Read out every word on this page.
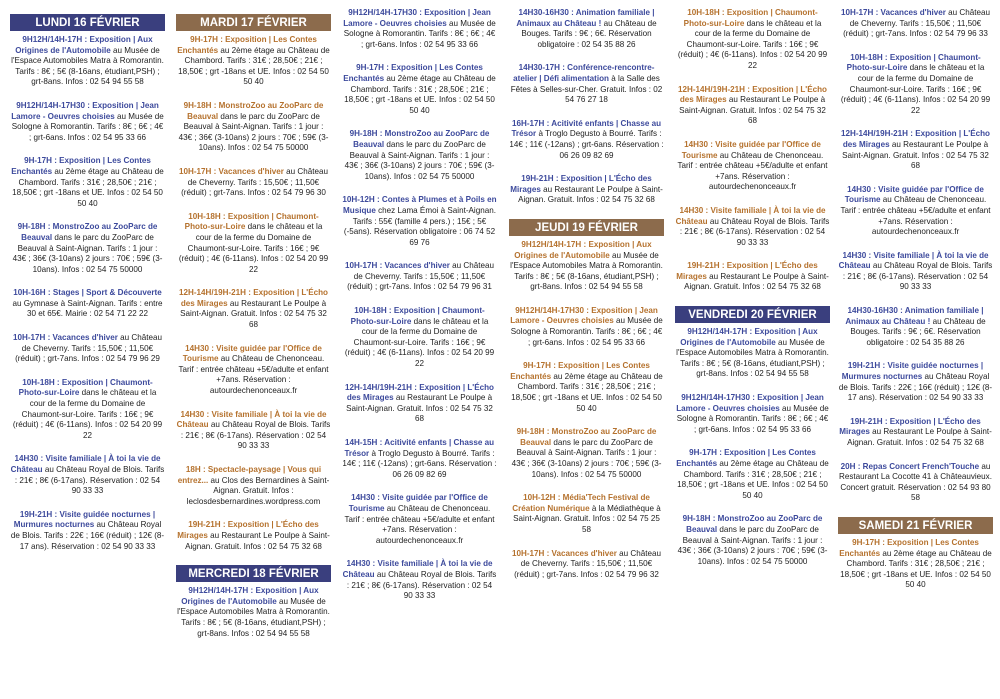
LUNDI 16 FÉVRIER
9H12H/14H-17H : Exposition | Aux Origines de l'Automobile au Musée de l'Espace Automobiles Matra à Romorantin. Tarifs : 8€ ; 5€ (8-16ans, étudiant,PSH) ; grt-8ans. Infos : 02 54 94 55 58
9H12H/14H-17H30 : Exposition | Jean Lamore - Oeuvres choisies au Musée de Sologne à Romorantin. Tarifs : 8€ ; 6€ ; 4€ ; grt-6ans. Infos : 02 54 95 33 66
9H-17H : Exposition | Les Contes Enchantés au 2ème étage au Château de Chambord. Tarifs : 31€ ; 28,50€ ; 21€ ; 18,50€ ; grt -18ans et UE. Infos : 02 54 50 50 40
9H-18H : MonstroZoo au ZooParc de Beauval dans le parc du ZooParc de Beauval à Saint-Aignan. Tarifs : 1 jour : 43€ ; 36€ (3-10ans) 2 jours : 70€ ; 59€ (3-10ans). Infos : 02 54 75 50000
10H-16H : Stages | Sport & Découverte au Gymnase à Saint-Aignan. Tarifs : entre 30 et 65€. Mairie : 02 54 71 22 22
10H-17H : Vacances d'hiver au Château de Cheverny. Tarifs : 15,50€ ; 11,50€ (réduit) ; grt-7ans. Infos : 02 54 79 96 29
10H-18H : Exposition | Chaumont-Photo-sur-Loire dans le château et la cour de la ferme du Domaine de Chaumont-sur-Loire. Tarifs : 16€ ; 9€ (réduit) ; 4€ (6-11ans). Infos : 02 54 20 99 22
14H30 : Visite familiale | À toi la vie de Château au Château Royal de Blois. Tarifs : 21€ ; 8€ (6-17ans). Réservation : 02 54 90 33 33
19H-21H : Visite guidée nocturnes | Murmures nocturnes au Château Royal de Blois. Tarifs : 22€ ; 16€ (réduit) ; 12€ (8-17 ans). Réservation : 02 54 90 33 33
MARDI 17 FÉVRIER
9H-17H : Exposition | Les Contes Enchantés au 2ème étage au Château de Chambord. Tarifs : 31€ ; 28,50€ ; 21€ ; 18,50€ ; grt -18ans et UE. Infos : 02 54 50 50 40
9H-18H : MonstroZoo au ZooParc de Beauval dans le parc du ZooParc de Beauval à Saint-Aignan. Tarifs : 1 jour : 43€ ; 36€ (3-10ans) 2 jours : 70€ ; 59€ (3-10ans). Infos : 02 54 75 50000
10H-17H : Vacances d'hiver au Château de Cheverny. Tarifs : 15,50€ ; 11,50€ (réduit) ; grt-7ans. Infos : 02 54 79 96 30
10H-18H : Exposition | Chaumont-Photo-sur-Loire dans le château et la cour de la ferme du Domaine de Chaumont-sur-Loire. Tarifs : 16€ ; 9€ (réduit) ; 4€ (6-11ans). Infos : 02 54 20 99 22
12H-14H/19H-21H : Exposition | L'Écho des Mirages au Restaurant Le Poulpe à Saint-Aignan. Gratuit. Infos : 02 54 75 32 68
14H30 : Visite guidée par l'Office de Tourisme au Château de Chenonceau. Tarif : entrée château +5€/adulte et enfant +7ans. Réservation : autourdechenonceaux.fr
14H30 : Visite familiale | À toi la vie de Château au Château Royal de Blois. Tarifs : 21€ ; 8€ (6-17ans). Réservation : 02 54 90 33 33
18H : Spectacle-paysage | Vous qui entrez... au Clos des Bernardines à Saint-Aignan. Gratuit. Infos : leclosdesbernardines.wordpress.com
19H-21H : Exposition | L'Écho des Mirages au Restaurant Le Poulpe à Saint-Aignan. Gratuit. Infos : 02 54 75 32 68
MERCREDI 18 FÉVRIER
9H12H/14H-17H : Exposition | Aux Origines de l'Automobile au Musée de l'Espace Automobiles Matra à Romorantin. Tarifs : 8€ ; 5€ (8-16ans, étudiant,PSH) ; grt-8ans. Infos : 02 54 94 55 58
9H12H/14H-17H30 : Exposition | Jean Lamore - Oeuvres choisies au Musée de Sologne à Romorantin. Tarifs : 8€ ; 6€ ; 4€ ; grt-6ans. Infos : 02 54 95 33 66
9H-17H : Exposition | Les Contes Enchantés au 2ème étage au Château de Chambord. Tarifs : 31€ ; 28,50€ ; 21€ ; 18,50€ ; grt -18ans et UE. Infos : 02 54 50 50 40
9H-18H : MonstroZoo au ZooParc de Beauval dans le parc du ZooParc de Beauval à Saint-Aignan. Tarifs : 1 jour : 43€ ; 36€ (3-10ans) 2 jours : 70€ ; 59€ (3-10ans). Infos : 02 54 75 50000
10H-12H : Contes à Plumes et à Poils en Musique chez Lama Émoi à Saint-Aignan. Tarifs : 55€ (famille 4 pers.) ; 15€ ; 5€ (-5ans). Réservation obligatoire : 06 74 52 69 76
10H-17H : Vacances d'hiver au Château de Cheverny. Tarifs : 15,50€ ; 11,50€ (réduit) ; grt-7ans. Infos : 02 54 79 96 31
10H-18H : Exposition | Chaumont-Photo-sur-Loire dans le château et la cour de la ferme du Domaine de Chaumont-sur-Loire. Tarifs : 16€ ; 9€ (réduit) ; 4€ (6-11ans). Infos : 02 54 20 99 22
12H-14H/19H-21H : Exposition | L'Écho des Mirages au Restaurant Le Poulpe à Saint-Aignan. Gratuit. Infos : 02 54 75 32 68
14H-15H : Acitivité enfants | Chasse au Trésor à Troglo Degusto à Bourré. Tarifs : 14€ ; 11€ (-12ans) ; grt-6ans. Réservation : 06 26 09 82 69
14H30 : Visite guidée par l'Office de Tourisme au Château de Chenonceau. Tarif : entrée château +5€/adulte et enfant +7ans. Réservation : autourdechenonceaux.fr
14H30 : Visite familiale | À toi la vie de Château au Château Royal de Blois. Tarifs : 21€ ; 8€ (6-17ans). Réservation : 02 54 90 33 33
14H30-16H30 : Animation familiale | Animaux au Château ! au Château de Bouges. Tarifs : 9€ ; 6€. Réservation obligatoire : 02 54 35 88 26
14H30-17H : Conférence-rencontre-atelier | Défi alimentation à la Salle des Fêtes à Selles-sur-Cher. Gratuit. Infos : 02 54 76 27 18
16H-17H : Acitivité enfants | Chasse au Trésor à Troglo Degusto à Bourré. Tarifs : 14€ ; 11€ (-12ans) ; grt-6ans. Réservation : 06 26 09 82 69
19H-21H : Exposition | L'Écho des Mirages au Restaurant Le Poulpe à Saint-Aignan. Gratuit. Infos : 02 54 75 32 68
JEUDI 19 FÉVRIER
9H12H/14H-17H : Exposition | Aux Origines de l'Automobile au Musée de l'Espace Automobiles Matra à Romorantin. Tarifs : 8€ ; 5€ (8-16ans, étudiant,PSH) ; grt-8ans. Infos : 02 54 94 55 58
9H12H/14H-17H30 : Exposition | Jean Lamore - Oeuvres choisies au Musée de Sologne à Romorantin. Tarifs : 8€ ; 6€ ; 4€ ; grt-6ans. Infos : 02 54 95 33 66
9H-17H : Exposition | Les Contes Enchantés au 2ème étage au Château de Chambord. Tarifs : 31€ ; 28,50€ ; 21€ ; 18,50€ ; grt -18ans et UE. Infos : 02 54 50 50 40
9H-18H : MonstroZoo au ZooParc de Beauval dans le parc du ZooParc de Beauval à Saint-Aignan. Tarifs : 1 jour : 43€ ; 36€ (3-10ans) 2 jours : 70€ ; 59€ (3-10ans). Infos : 02 54 75 50000
10H-12H : Média'Tech Festival de Création Numérique à la Médiathèque à Saint-Aignan. Gratuit. Infos : 02 54 75 25 58
10H-17H : Vacances d'hiver au Château de Cheverny. Tarifs : 15,50€ ; 11,50€ (réduit) ; grt-7ans. Infos : 02 54 79 96 32
10H-18H : Exposition | Chaumont-Photo-sur-Loire dans le château et la cour de la ferme du Domaine de Chaumont-sur-Loire. Tarifs : 16€ ; 9€ (réduit) ; 4€ (6-11ans). Infos : 02 54 20 99 22
12H-14H/19H-21H : Exposition | L'Écho des Mirages au Restaurant Le Poulpe à Saint-Aignan. Gratuit. Infos : 02 54 75 32 68
14H30 : Visite guidée par l'Office de Tourisme au Château de Chenonceau. Tarif : entrée château +5€/adulte et enfant +7ans. Réservation : autourdechenonceaux.fr
14H30 : Visite familiale | À toi la vie de Château au Château Royal de Blois. Tarifs : 21€ ; 8€ (6-17ans). Réservation : 02 54 90 33 33
19H-21H : Exposition | L'Écho des Mirages au Restaurant Le Poulpe à Saint-Aignan. Gratuit. Infos : 02 54 75 32 68
VENDREDI 20 FÉVRIER
9H12H/14H-17H : Exposition | Aux Origines de l'Automobile au Musée de l'Espace Automobiles Matra à Romorantin. Tarifs : 8€ ; 5€ (8-16ans, étudiant,PSH) ; grt-8ans. Infos : 02 54 94 55 58
9H12H/14H-17H30 : Exposition | Jean Lamore - Oeuvres choisies au Musée de Sologne à Romorantin. Tarifs : 8€ ; 6€ ; 4€ ; grt-6ans. Infos : 02 54 95 33 66
9H-17H : Exposition | Les Contes Enchantés au 2ème étage au Château de Chambord. Tarifs : 31€ ; 28,50€ ; 21€ ; 18,50€ ; grt -18ans et UE. Infos : 02 54 50 50 40
9H-18H : MonstroZoo au ZooParc de Beauval dans le parc du ZooParc de Beauval à Saint-Aignan. Tarifs : 1 jour : 43€ ; 36€ (3-10ans) 2 jours : 70€ ; 59€ (3-10ans). Infos : 02 54 75 50000
10H-17H : Vacances d'hiver au Château de Cheverny. Tarifs : 15,50€ ; 11,50€ (réduit) ; grt-7ans. Infos : 02 54 79 96 33
10H-18H : Exposition | Chaumont-Photo-sur-Loire dans le château et la cour de la ferme du Domaine de Chaumont-sur-Loire. Tarifs : 16€ ; 9€ (réduit) ; 4€ (6-11ans). Infos : 02 54 20 99 22
12H-14H/19H-21H : Exposition | L'Écho des Mirages au Restaurant Le Poulpe à Saint-Aignan. Gratuit. Infos : 02 54 75 32 68
14H30 : Visite guidée par l'Office de Tourisme au Château de Chenonceau. Tarif : entrée château +5€/adulte et enfant +7ans. Réservation : autourdechenonceaux.fr
14H30 : Visite familiale | À toi la vie de Château au Château Royal de Blois. Tarifs : 21€ ; 8€ (6-17ans). Réservation : 02 54 90 33 33
14H30-16H30 : Animation familiale | Animaux au Château ! au Château de Bouges. Tarifs : 9€ ; 6€. Réservation obligatoire : 02 54 35 88 26
19H-21H : Visite guidée nocturnes | Murmures nocturnes au Château Royal de Blois. Tarifs : 22€ ; 16€ (réduit) ; 12€ (8-17 ans). Réservation : 02 54 90 33 33
19H-21H : Exposition | L'Écho des Mirages au Restaurant Le Poulpe à Saint-Aignan. Gratuit. Infos : 02 54 75 32 68
20H : Repas Concert French'Touche au Restaurant La Cocotte 41 à Châteauvieux. Concert gratuit. Réservation : 02 54 93 80 58
SAMEDI 21 FÉVRIER
9H-17H : Exposition | Les Contes Enchantés au 2ème étage au Château de Chambord. Tarifs : 31€ ; 28,50€ ; 21€ ; 18,50€ ; grt -18ans et UE. Infos : 02 54 50 50 40
